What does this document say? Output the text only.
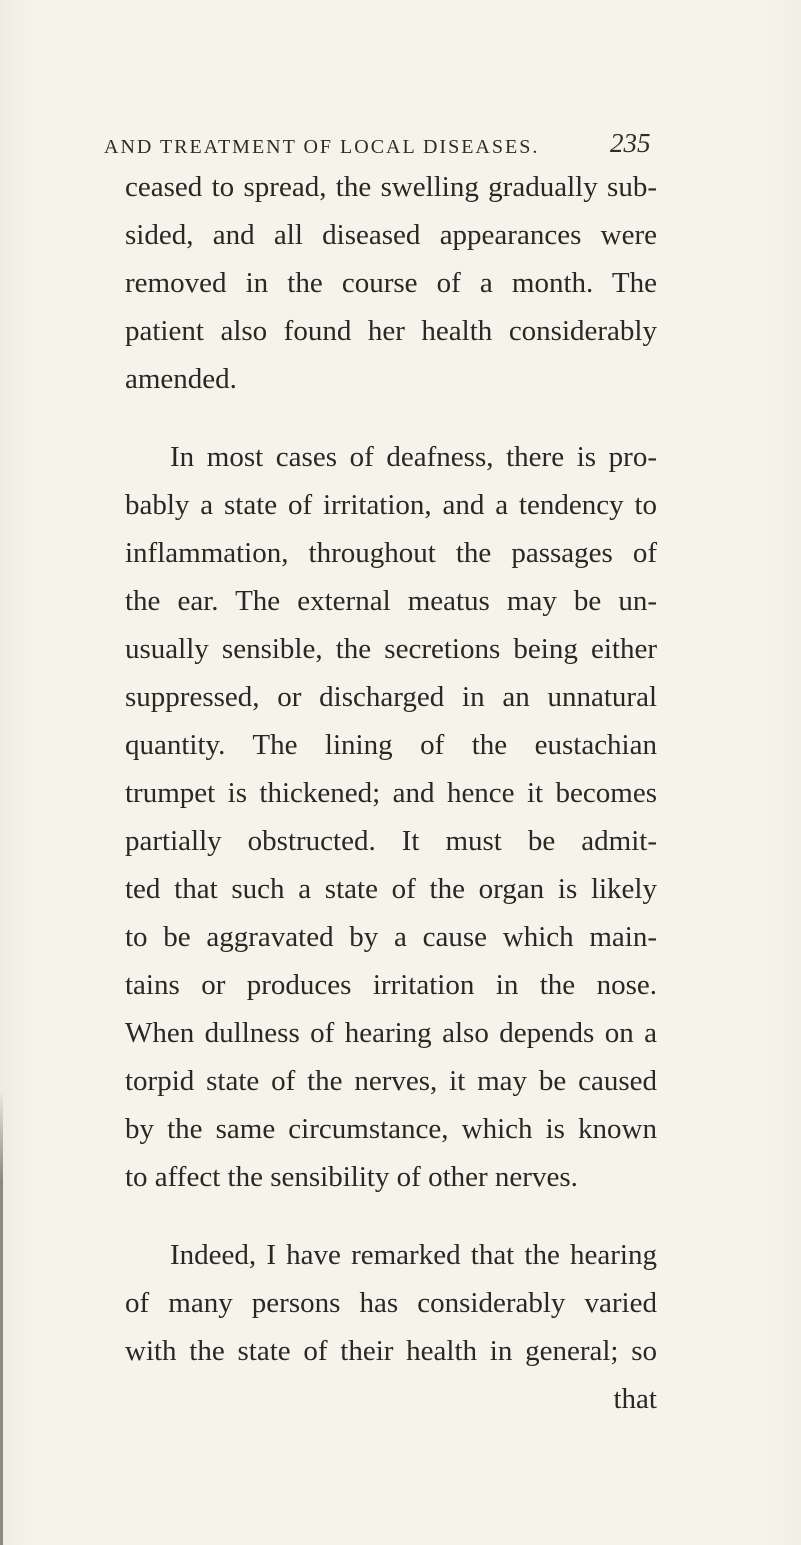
AND TREATMENT OF LOCAL DISEASES.	235
ceased to spread, the swelling gradually sub-
sided, and all diseased appearances were
removed in the course of a month. The
patient also found her health considerably
amended.
In most cases of deafness, there is pro-
bably a state of irritation, and a tendency to
inflammation, throughout the passages of
the ear. The external meatus may be un-
usually sensible, the secretions being either
suppressed, or discharged in an unnatural
quantity. The lining of the eustachian
trumpet is thickened; and hence it becomes
partially obstructed. It must be admit-
ted that such a state of the organ is likely
to be aggravated by a cause which main-
tains or produces irritation in the nose.
When dullness of hearing also depends on a
torpid state of the nerves, it may be caused
by the same circumstance, which is known
to affect the sensibility of other nerves.
Indeed, I have remarked that the hearing
of many persons has considerably varied
with the state of their health in general; so
that
